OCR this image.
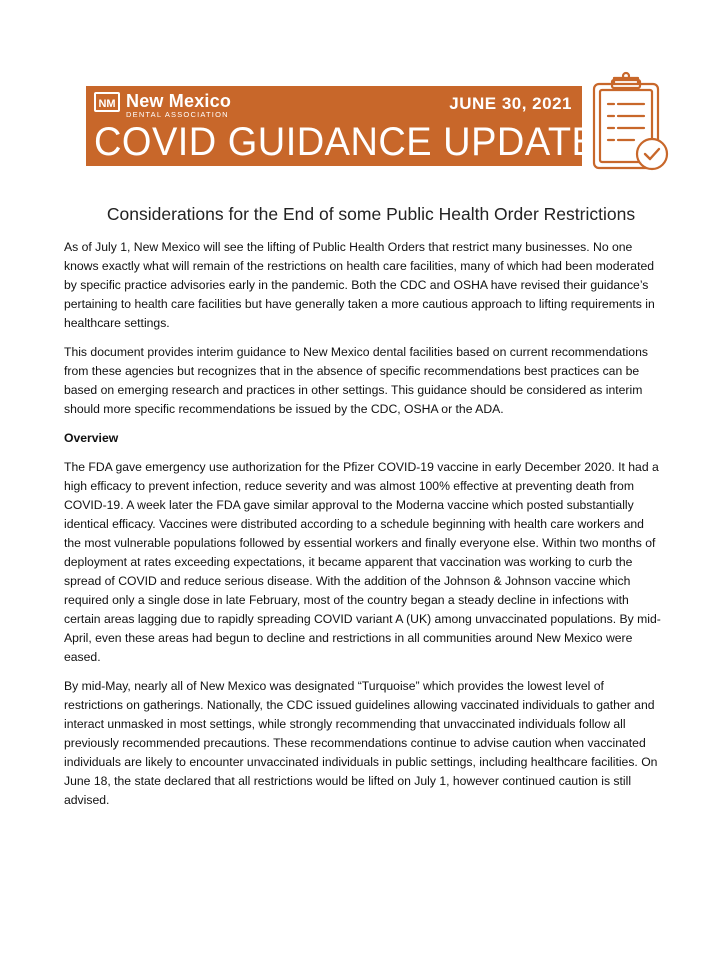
NM New Mexico
DENTAL ASSOCIATION
JUNE 30, 2021
COVID GUIDANCE UPDATE
Considerations for the End of some Public Health Order Restrictions

As of July 1, New Mexico will see the lifting of Public Health Orders that restrict many businesses. No one knows exactly what will remain of the restrictions on health care facilities, many of which had been moderated by specific practice advisories early in the pandemic. Both the CDC and OSHA have revised their guidance’s pertaining to health care facilities but have generally taken a more cautious approach to lifting requirements in healthcare settings.

This document provides interim guidance to New Mexico dental facilities based on current recommendations from these agencies but recognizes that in the absence of specific recommendations best practices can be based on emerging research and practices in other settings. This guidance should be considered as interim should more specific recommendations be issued by the CDC, OSHA or the ADA.

Overview

The FDA gave emergency use authorization for the Pfizer COVID-19 vaccine in early December 2020. It had a high efficacy to prevent infection, reduce severity and was almost 100% effective at preventing death from COVID-19. A week later the FDA gave similar approval to the Moderna vaccine which posted substantially identical efficacy. Vaccines were distributed according to a schedule beginning with health care workers and the most vulnerable populations followed by essential workers and finally everyone else. Within two months of deployment at rates exceeding expectations, it became apparent that vaccination was working to curb the spread of COVID and reduce serious disease. With the addition of the Johnson & Johnson vaccine which required only a single dose in late February, most of the country began a steady decline in infections with certain areas lagging due to rapidly spreading COVID variant A (UK) among unvaccinated populations. By mid-April, even these areas had begun to decline and restrictions in all communities around New Mexico were eased.

By mid-May, nearly all of New Mexico was designated “Turquoise” which provides the lowest level of restrictions on gatherings. Nationally, the CDC issued guidelines allowing vaccinated individuals to gather and interact unmasked in most settings, while strongly recommending that unvaccinated individuals follow all previously recommended precautions. These recommendations continue to advise caution when vaccinated individuals are likely to encounter unvaccinated individuals in public settings, including healthcare facilities. On June 18, the state declared that all restrictions would be lifted on July 1, however continued caution is still advised.
